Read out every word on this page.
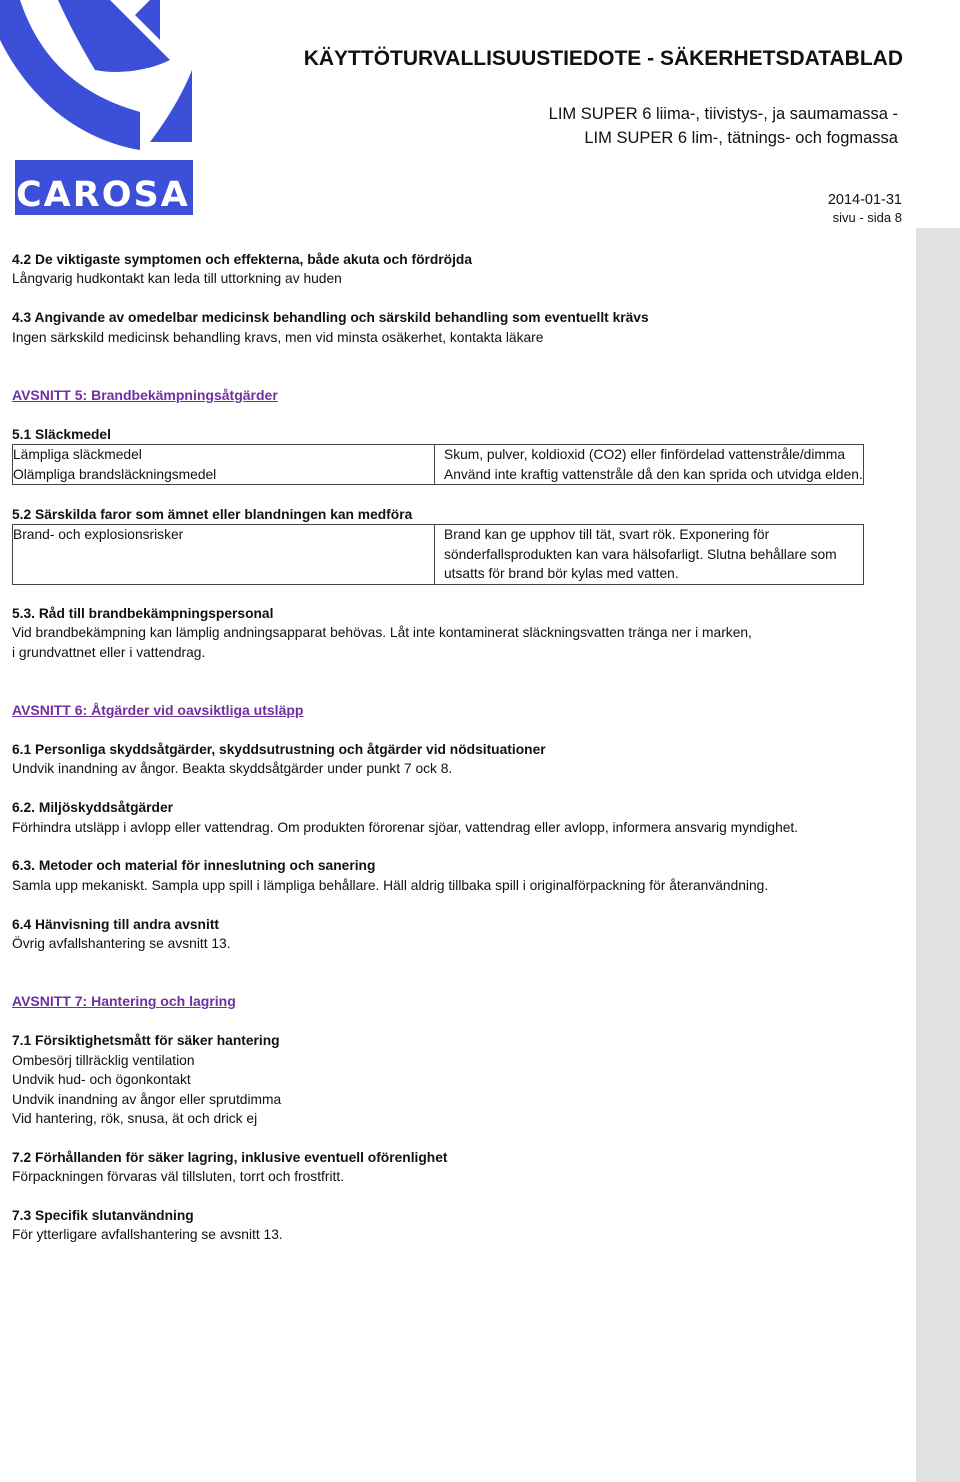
CAROSA
KÄYTTÖTURVALLISUUSTIEDOTE - SÄKERHETSDATABLAD
LIM SUPER 6 liima-, tiivistys-, ja saumamassa -
LIM SUPER 6 lim-, tätnings- och fogmassa
2014-01-31
sivu - sida 8

4.2 De viktigaste symptomen och effekterna, både akuta och fördröjda

Långvarig hudkontakt kan leda till uttorkning av huden

4.3 Angivande av omedelbar medicinsk behandling och särskild behandling som eventuellt krävs

Ingen särkskild medicinsk behandling kravs, men vid minsta osäkerhet, kontakta läkare

AVSNITT 5: Brandbekämpningsåtgärder

5.1 Släckmedel

Lämpliga släckmedel	Skum, pulver, koldioxid (CO2) eller finfördelad vattenstråle/dimma
Olämpliga brandsläckningsmedel	Använd inte kraftig vattenstråle då den kan sprida och utvidga elden.

5.2 Särskilda faror som ämnet eller blandningen kan medföra

Brand- och explosionsrisker	Brand kan ge upphov till tät, svart rök. Exponering för sönderfallsprodukten kan vara hälsofarligt. Slutna behållare som utsatts för brand bör kylas med vatten.

5.3. Råd till brandbekämpningspersonal

Vid brandbekämpning kan lämplig andningsapparat behövas. Låt inte kontaminerat släckningsvatten tränga ner i marken,

i grundvattnet eller i vattendrag.

AVSNITT 6: Åtgärder vid oavsiktliga utsläpp

6.1 Personliga skyddsåtgärder, skyddsutrustning och åtgärder vid nödsituationer

Undvik inandning av ångor. Beakta skyddsåtgärder under punkt 7 ock 8.

6.2. Miljöskyddsåtgärder

Förhindra utsläpp i avlopp eller vattendrag. Om produkten förorenar sjöar, vattendrag eller avlopp, informera ansvarig myndighet.

6.3. Metoder och material för inneslutning och sanering

Samla upp mekaniskt. Sampla upp spill i lämpliga behållare. Häll aldrig tillbaka spill i originalförpackning för återanvändning.

6.4 Hänvisning till andra avsnitt

Övrig avfallshantering se avsnitt 13.

AVSNITT 7: Hantering och lagring

7.1 Försiktighetsmått för säker hantering

Ombesörj tillräcklig ventilation

Undvik hud- och ögonkontakt

Undvik inandning av ångor eller sprutdimma

Vid hantering, rök, snusa, ät och drick ej

7.2 Förhållanden för säker lagring, inklusive eventuell oförenlighet

Förpackningen förvaras väl tillsluten, torrt och frostfritt.

7.3 Specifik slutanvändning

För ytterligare avfallshantering se avsnitt 13.
